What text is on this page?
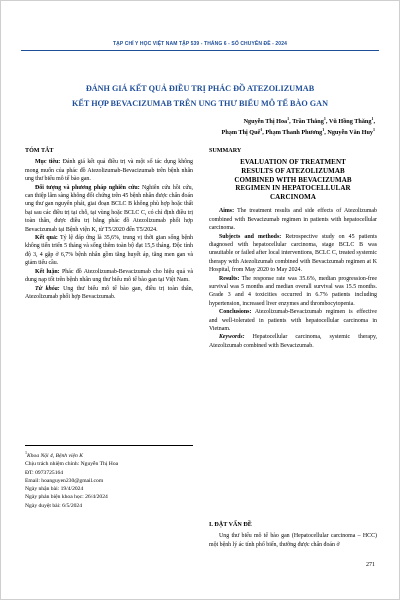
TẠP CHÍ Y HỌC VIỆT NAM TẬP 539 - THÁNG 6 - SỐ CHUYÊN ĐỀ - 2024
ĐÁNH GIÁ KẾT QUẢ ĐIỀU TRỊ PHÁC ĐỒ ATEZOLIZUMAB
KẾT HỢP BEVACIZUMAB TRÊN UNG THƯ BIỂU MÔ TẾ BÀO GAN
Nguyễn Thị Hoa$^1$, Trần Thắng$^1$, Vũ Hồng Thăng$^1$,
Phạm Thị Quế$^1$, Phạm Thanh Phương$^1$, Nguyễn Văn Huy$^1$
TÓM TẮT

Mục tiêu: Đánh giá kết quả điều trị và một số tác dụng không mong muốn của phác đồ Atezolizumab-Bevacizumab trên bệnh nhân ung thư biểu mô tế bào gan.

Đối tượng và phương pháp nghiên cứu: Nghiên cứu hồi cứu, can thiệp lâm sàng không đối chứng trên 45 bệnh nhân được chẩn đoán ung thư gan nguyên phát, giai đoạn BCLC B không phù hợp hoặc thất bại sau các điều trị tại chỗ, tại vùng hoặc BCLC C, có chỉ định điều trị toàn thân, được điều trị bằng phác đồ Atezolizumab phối hợp Bevacizumab tại Bệnh viện K, từ T5/2020 đến T5/2024.

Kết quả: Tỷ lệ đáp ứng là 35,6%, trung vị thời gian sống bệnh không tiến triển 5 tháng và sống thêm toàn bộ đạt 15,5 tháng. Độc tính độ 3, 4 gặp ở 6,7% bệnh nhân gồm tăng huyết áp, tăng men gan và giảm tiểu cầu.

Kết luận: Phác đồ Atezolizumab-Bevacizumab cho hiệu quả và dung nạp tốt trên bệnh nhân ung thư biểu mô tế bào gan tại Việt Nam.

Từ khóa: Ung thư biểu mô tế bào gan, điều trị toàn thân, Atezolizumab phối hợp Bevacizumab.

$^1$Khoa Nội 4, Bệnh viện K
Chịu trách nhiệm chính: Nguyễn Thị Hoa
ĐT: 0973725164
Email: hoanguyen230@gmail.com
Ngày nhận bài: 19/4/2024
Ngày phản biện khoa học: 26/4/2024
Ngày duyệt bài: 6/5/2024
SUMMARY
EVALUATION OF TREATMENT
RESULTS OF ATEZOLIZUMAB
COMBINED WITH BEVACIZUMAB
REGIMEN IN HEPATOCELLULAR
CARCINOMA

Aims: The treatment results and side effects of Atezolizumab combined with Bevacizumab regimen in patients with hepatocellular carcinoma.

Subjects and methods: Retrospective study on 45 patients diagnosed with hepatocellular carcinoma, stage BCLC B was unsuitable or failed after local interventions, BCLC C, treated systemic therapy with Atezolizumab combined with Bevacizumab regimen at K Hospital, from May 2020 to May 2024.

Results: The response rate was 35.6%, median progression-free survival was 5 months and median overall survival was 15.5 months. Grade 3 and 4 toxicities occurred in 6.7% patients including hypertension, increased liver enzymes and thrombocytopenia.

Conclusions: Atezolizumab-Bevacizumab regimen is effective and well-tolerated in patients with hepatocellular carcinoma in Vietnam.

Keywords: Hepatocellular carcinoma, systemic therapy, Atezolizumab combined with Bevacizumab.

I. ĐẶT VẤN ĐỀ

Ung thư biểu mô tế bào gan (Hepatocellular carcinoma – HCC) một bệnh lý ác tính phổ biến, thường được chẩn đoán ở

271
